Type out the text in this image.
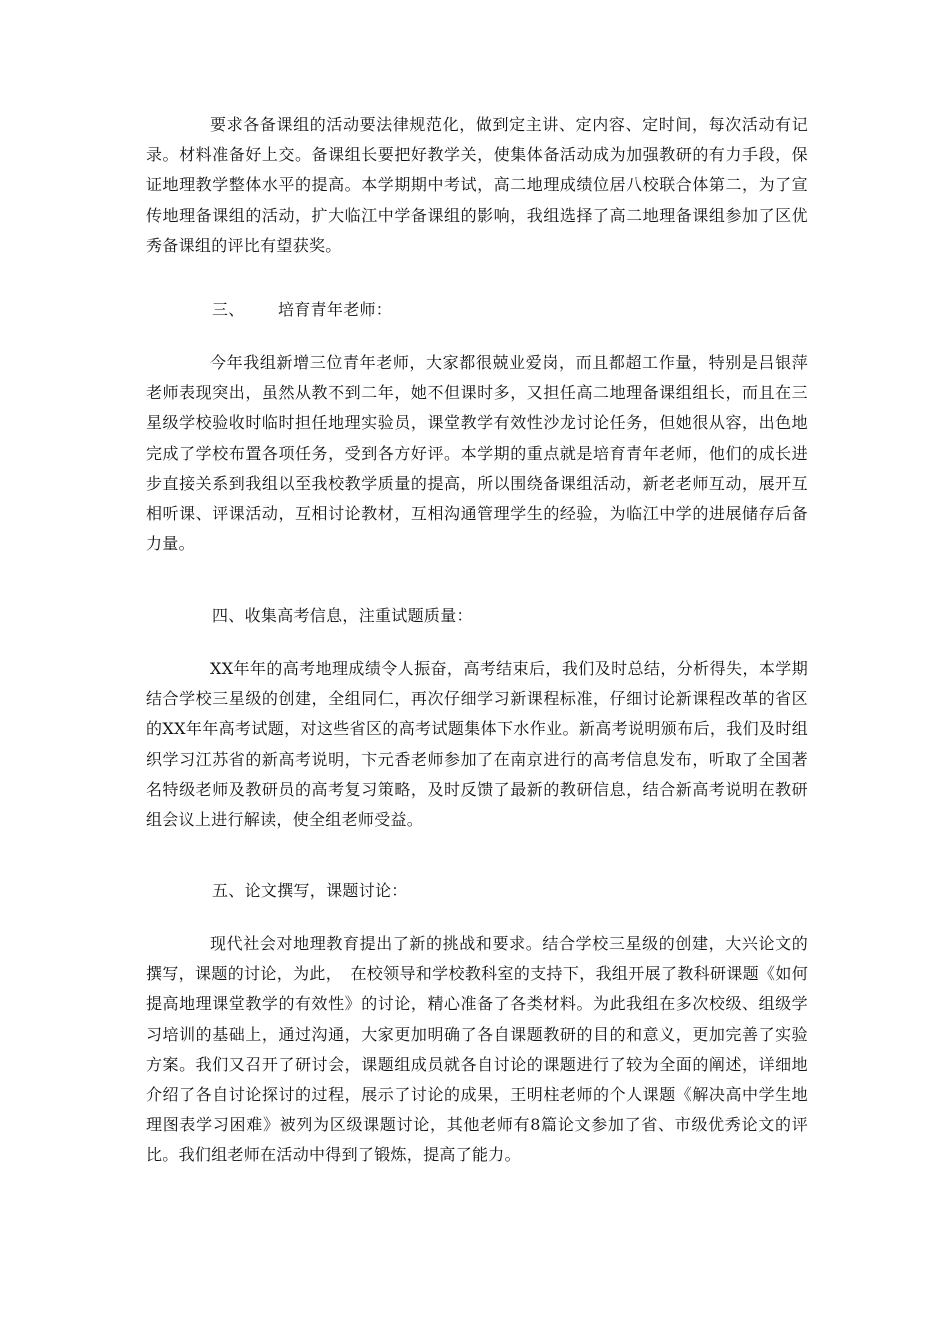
要求各备课组的活动要法律规范化，做到定主讲、定内容、定时间，每次活动有记录。材料准备好上交。备课组长要把好教学关，使集体备活动成为加强教研的有力手段，保证地理教学整体水平的提高。本学期期中考试，高二地理成绩位居八校联合体第二，为了宣传地理备课组的活动，扩大临江中学备课组的影响，我组选择了高二地理备课组参加了区优秀备课组的评比有望获奖。

三、 培育青年老师：

今年我组新增三位青年老师，大家都很兢业爱岗，而且都超工作量，特别是吕银萍老师表现突出，虽然从教不到二年，她不但课时多，又担任高二地理备课组组长，而且在三星级学校验收时临时担任地理实验员，课堂教学有效性沙龙讨论任务，但她很从容，出色地完成了学校布置各项任务，受到各方好评。本学期的重点就是培育青年老师，他们的成长进步直接关系到我组以至我校教学质量的提高，所以围绕备课组活动，新老老师互动，展开互相听课、评课活动，互相讨论教材，互相沟通管理学生的经验，为临江中学的进展储存后备力量。

四、收集高考信息，注重试题质量：

XX年年的高考地理成绩令人振奋，高考结束后，我们及时总结，分析得失，本学期结合学校三星级的创建，全组同仁，再次仔细学习新课程标准，仔细讨论新课程改革的省区的XX年年高考试题，对这些省区的高考试题集体下水作业。新高考说明颁布后，我们及时组织学习江苏省的新高考说明，卞元香老师参加了在南京进行的高考信息发布，听取了全国著名特级老师及教研员的高考复习策略，及时反馈了最新的教研信息，结合新高考说明在教研组会议上进行解读，使全组老师受益。

五、论文撰写，课题讨论：

现代社会对地理教育提出了新的挑战和要求。结合学校三星级的创建，大兴论文的撰写，课题的讨论，为此，　在校领导和学校教科室的支持下，我组开展了教科研课题《如何提高地理课堂教学的有效性》的讨论，精心准备了各类材料。为此我组在多次校级、组级学习培训的基础上，通过沟通，大家更加明确了各自课题教研的目的和意义，更加完善了实验方案。我们又召开了研讨会，课题组成员就各自讨论的课题进行了较为全面的阐述，详细地介绍了各自讨论探讨的过程，展示了讨论的成果，王明柱老师的个人课题《解决高中学生地理图表学习困难》被列为区级课题讨论，其他老师有8篇论文参加了省、市级优秀论文的评比。我们组老师在活动中得到了锻炼，提高了能力。
